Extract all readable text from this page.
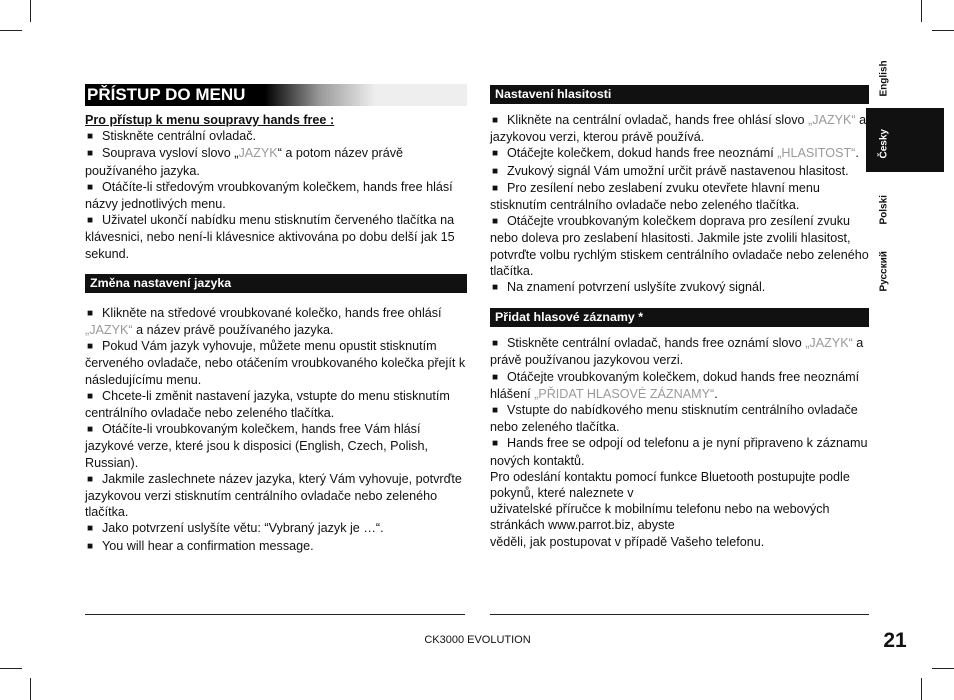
English
Česky
Polski
Русский
PŘÍSTUP DO MENU

Pro přístup k menu soupravy hands free :

■ Stiskněte centrální ovladač.

■ Souprava vysloví slovo „JAZYK“ a potom název právě používaného jazyka.

■ Otáčíte-li středovým vroubkovaným kolečkem, hands free hlásí názvy jednotlivých menu.

■ Uživatel ukončí nabídku menu stisknutím červeného tlačítka na klávesnici, nebo není-li klávesnice aktivována po dobu delší jak 15 sekund.

Změna nastavení jazyka

■ Klikněte na středové vroubkované kolečko, hands free ohlásí „JAZYK“ a název právě používaného jazyka.

■ Pokud Vám jazyk vyhovuje, můžete menu opustit stisknutím červeného ovladače, nebo otáčením vroubkovaného kolečka přejít k následujícímu menu.

■ Chcete-li změnit nastavení jazyka, vstupte do menu stisknutím centrálního ovladače nebo zeleného tlačítka.

■ Otáčíte-li vroubkovaným kolečkem, hands free Vám hlásí jazykové verze, které jsou k disposici (English, Czech, Polish, Russian).

■ Jakmile zaslechnete název jazyka, který Vám vyhovuje, potvrďte jazykovou verzi stisknutím centrálního ovladače nebo zeleného tlačítka.

■ Jako potvrzení uslyšíte větu: “Vybraný jazyk je …“.

■ You will hear a confirmation message.

Nastavení hlasitosti

■ Klikněte na centrální ovladač, hands free ohlásí slovo „JAZYK“ a jazykovou verzi, kterou právě používá.

■ Otáčejte kolečkem, dokud hands free neoznámí „HLASITOST“.

■ Zvukový signál Vám umožní určit právě nastavenou hlasitost.

■ Pro zesílení nebo zeslabení zvuku otevřete hlavní menu stisknutím centrálního ovladače nebo zeleného tlačítka.

■ Otáčejte vroubkovaným kolečkem doprava pro zesílení zvuku nebo doleva pro zeslabení hlasitosti. Jakmile jste zvolili hlasitost, potvrďte volbu rychlým stiskem centrálního ovladače nebo zeleného tlačítka.

■ Na znamení potvrzení uslyšíte zvukový signál.

Přidat hlasové záznamy *

■ Stiskněte centrální ovladač, hands free oznámí slovo „JAZYK“ a právě používanou jazykovou verzi.

■ Otáčejte vroubkovaným kolečkem, dokud hands free neoznámí hlášení „PŘIDAT HLASOVÉ ZÁZNAMY“.

■ Vstupte do nabídkového menu stisknutím centrálního ovladače nebo zeleného tlačítka.

■ Hands free se odpojí od telefonu a je nyní připraveno k záznamu nových kontaktů.

Pro odeslání kontaktu pomocí funkce Bluetooth postupujte podle pokynů, které naleznete v

uživatelské příručce k mobilnímu telefonu nebo na webových stránkách www.parrot.biz, abyste

věděli, jak postupovat v případě Vašeho telefonu.

CK3000 EVOLUTION	21
